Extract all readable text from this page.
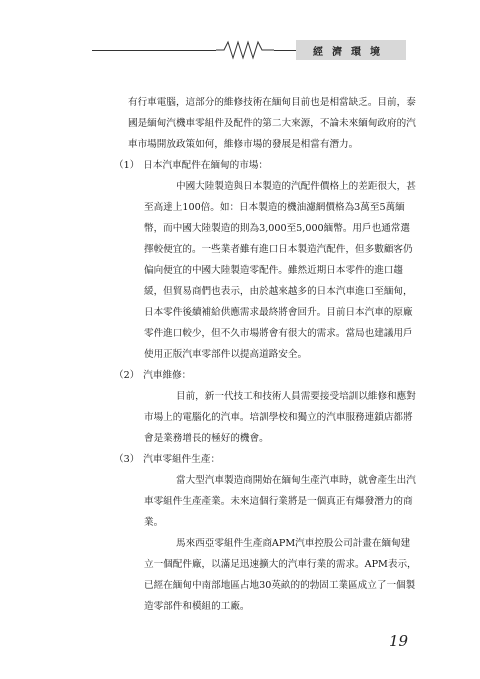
經濟環境

有行車電腦，這部分的維修技術在緬甸目前也是相當缺乏。目前，泰國是緬甸汽機車零組件及配件的第二大來源，不論未來緬甸政府的汽車市場開放政策如何，維修市場的發展是相當有潛力。

（1） 日本汽車配件在緬甸的市場：

中國大陸製造與日本製造的汽配件價格上的差距很大，甚至高達上100倍。如：日本製造的機油濾網價格為3萬至5萬緬幣，而中國大陸製造的則為3,000至5,000緬幣。用戶也通常選擇較便宜的。一些業者雖有進口日本製造汽配件，但多數顧客仍偏向便宜的中國大陸製造零配件。雖然近期日本零件的進口趨緩，但貿易商們也表示，由於越來越多的日本汽車進口至緬甸，日本零件後續補給供應需求最終將會回升。目前日本汽車的原廠零件進口較少，但不久市場將會有很大的需求。當局也建議用戶使用正版汽車零部件以提高道路安全。

（2） 汽車維修：

目前，新一代技工和技術人員需要接受培訓以維修和應對市場上的電腦化的汽車。培訓學校和獨立的汽車服務連鎖店都將會是業務增長的極好的機會。

（3） 汽車零組件生產：

當大型汽車製造商開始在緬甸生產汽車時，就會產生出汽車零組件生產產業。未來這個行業將是一個真正有爆發潛力的商業。

馬來西亞零組件生產商APM汽車控股公司計畫在緬甸建立一個配件廠，以滿足迅速擴大的汽車行業的需求。APM表示，已經在緬甸中南部地區占地30英畝的的勃固工業區成立了一個製造零部件和模組的工廠。

19
